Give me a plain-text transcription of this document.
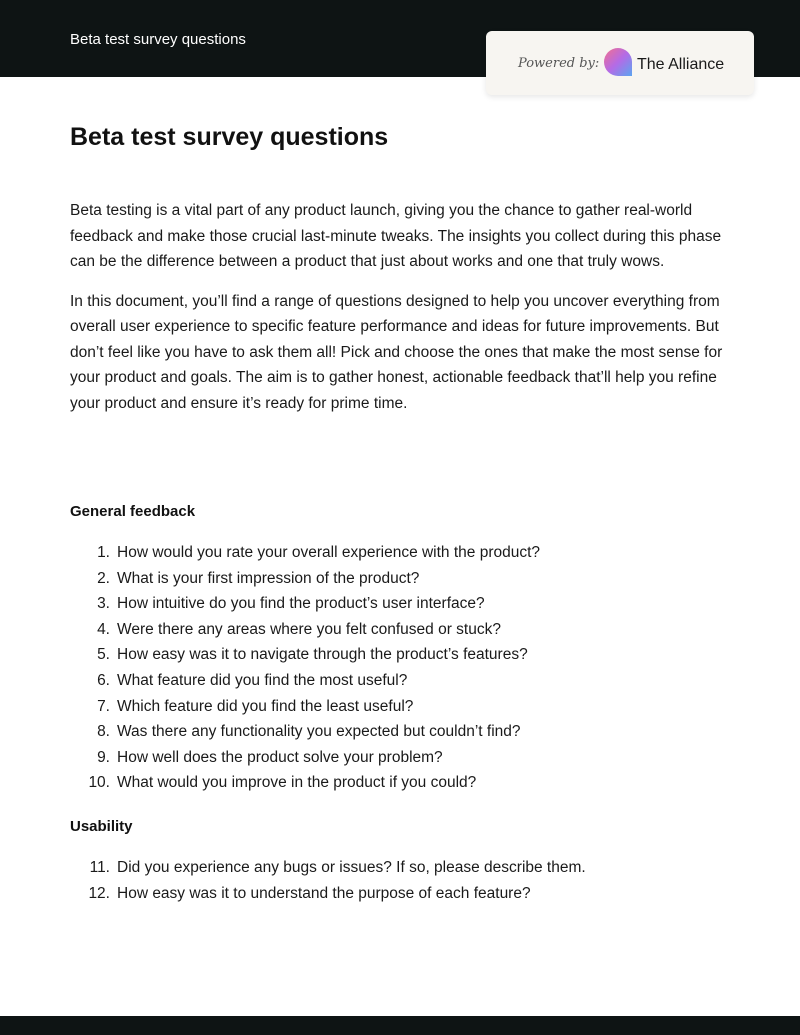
Beta test survey questions
Powered by: The Alliance
Beta test survey questions

Beta testing is a vital part of any product launch, giving you the chance to gather real-world feedback and make those crucial last-minute tweaks. The insights you collect during this phase can be the difference between a product that just about works and one that truly wows.

In this document, you’ll find a range of questions designed to help you uncover everything from overall user experience to specific feature performance and ideas for future improvements. But don’t feel like you have to ask them all! Pick and choose the ones that make the most sense for your product and goals. The aim is to gather honest, actionable feedback that’ll help you refine your product and ensure it’s ready for prime time.

General feedback
1. How would you rate your overall experience with the product?
2. What is your first impression of the product?
3. How intuitive do you find the product’s user interface?
4. Were there any areas where you felt confused or stuck?
5. How easy was it to navigate through the product’s features?
6. What feature did you find the most useful?
7. Which feature did you find the least useful?
8. Was there any functionality you expected but couldn’t find?
9. How well does the product solve your problem?
10. What would you improve in the product if you could?
Usability
11. Did you experience any bugs or issues? If so, please describe them.
12. How easy was it to understand the purpose of each feature?
